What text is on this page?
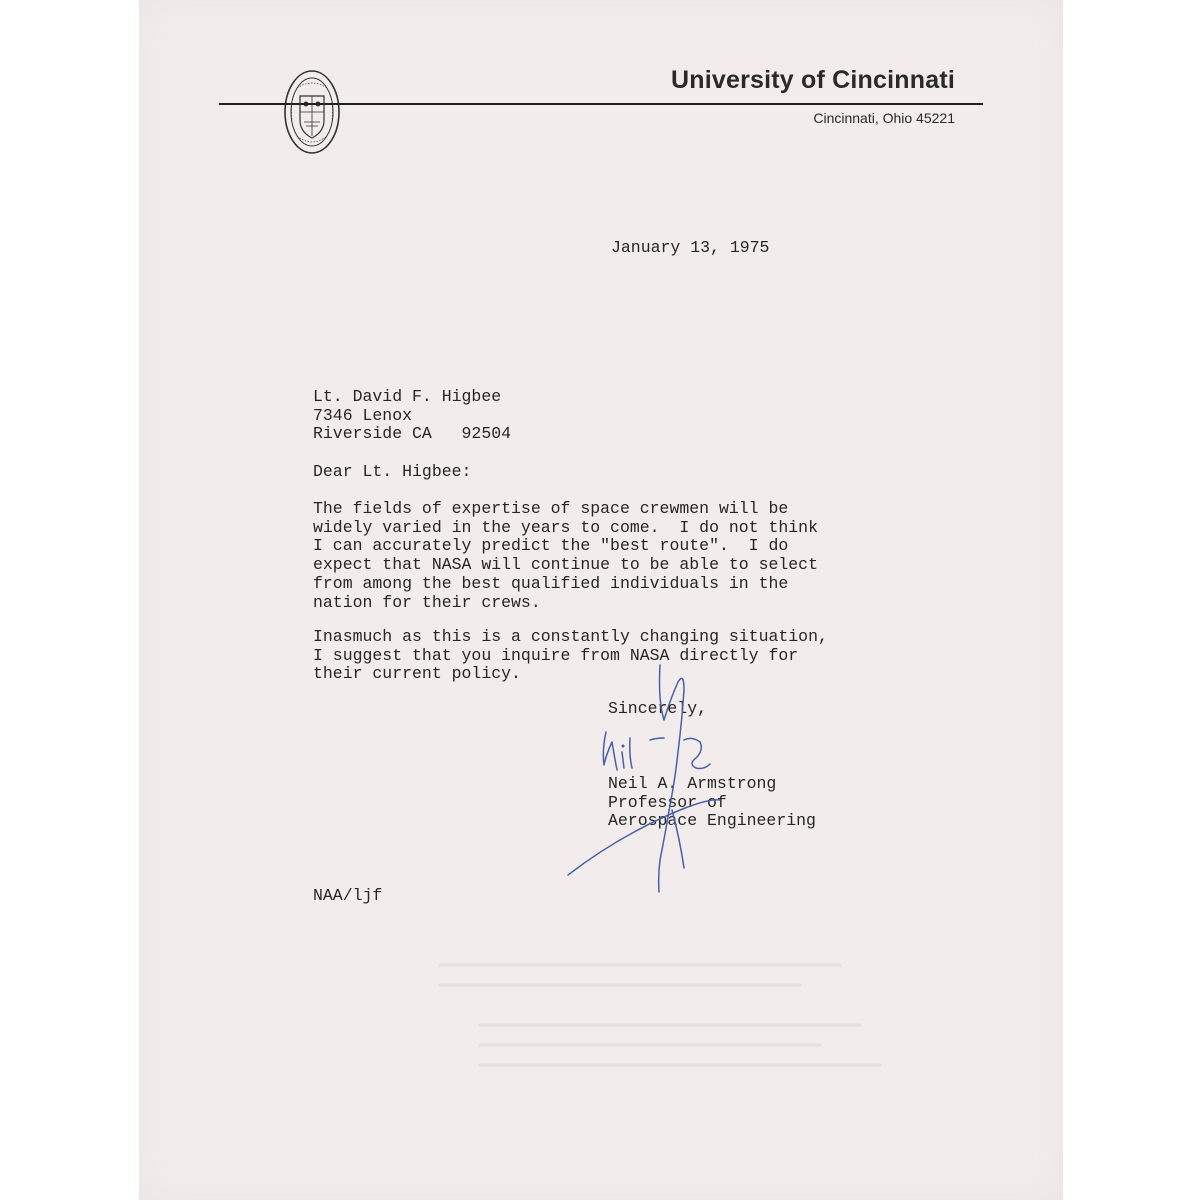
University of Cincinnati
Cincinnati, Ohio 45221
January 13, 1975
Lt. David F. Higbee
7346 Lenox
Riverside CA   92504
Dear Lt. Higbee:
The fields of expertise of space crewmen will be
widely varied in the years to come.  I do not think
I can accurately predict the "best route".  I do
expect that NASA will continue to be able to select
from among the best qualified individuals in the
nation for their crews.
Inasmuch as this is a constantly changing situation,
I suggest that you inquire from NASA directly for
their current policy.
Sincerely,
Neil A. Armstrong
Professor of
Aerospace Engineering
NAA/ljf
